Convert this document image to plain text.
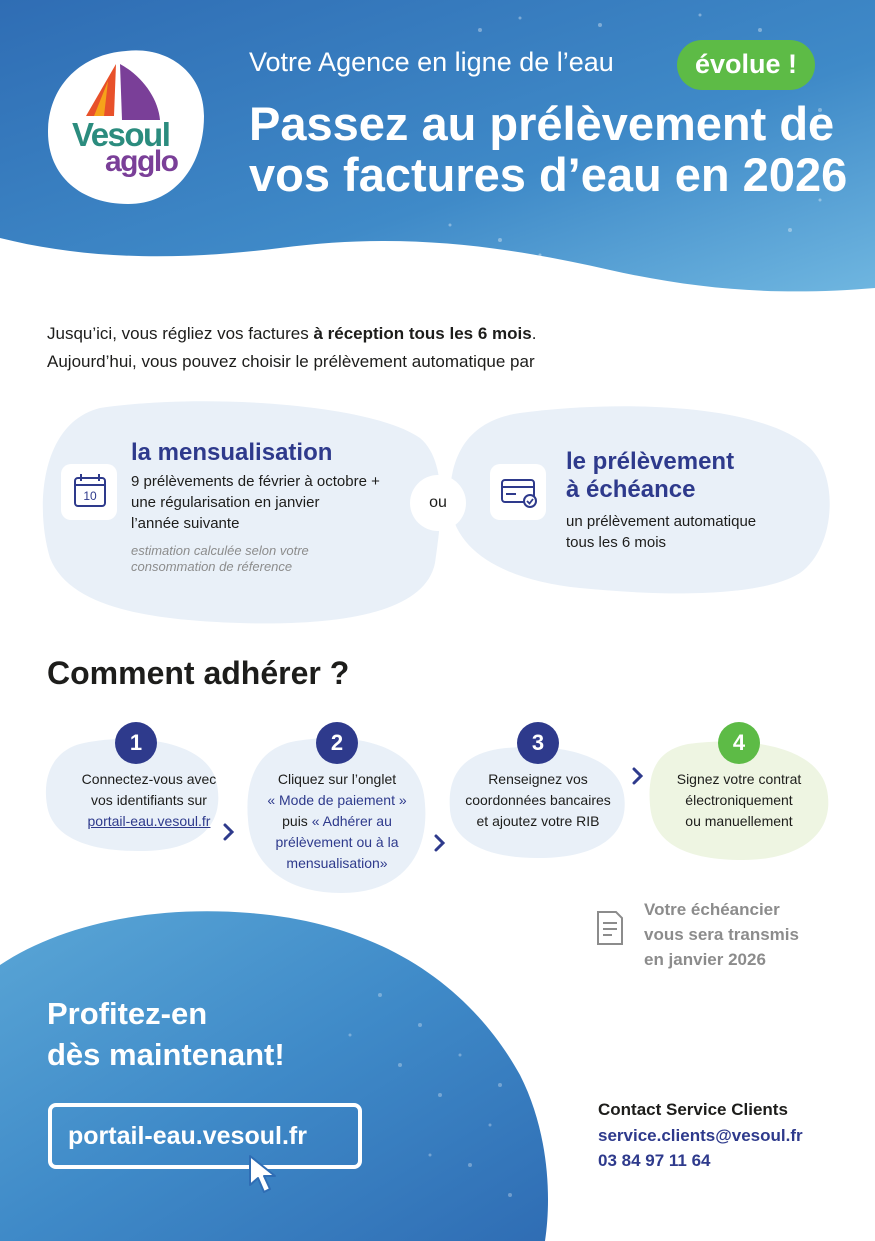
Vesoul
agglo
Votre Agence en ligne de l’eau	évolue !
Passez au prélèvement de vos factures d’eau en 2026
Jusqu’ici, vous régliez vos factures à réception tous les 6 mois.
Aujourd’hui, vous pouvez choisir le prélèvement automatique par
10
la mensualisation
9 prélèvements de février à octobre +
une régularisation en janvier
l’année suivante
estimation calculée selon votre
consommation de réference
ou
le prélèvement
à échéance
un prélèvement automatique
tous les 6 mois
Comment adhérer ?
1	2	3	4
Connectez-vous avec
vos identifiants sur
portail-eau.vesoul.fr
Cliquez sur l’onglet
« Mode de paiement »
puis « Adhérer au
prélèvement ou à la
mensualisation»
Renseignez vos
coordonnées bancaires
et ajoutez votre RIB
Signez votre contrat
électroniquement
ou manuellement
Votre échéancier
vous sera transmis
en janvier 2026
Profitez-en
dès maintenant!
portail-eau.vesoul.fr
Contact Service Clients
service.clients@vesoul.fr
03 84 97 11 64
